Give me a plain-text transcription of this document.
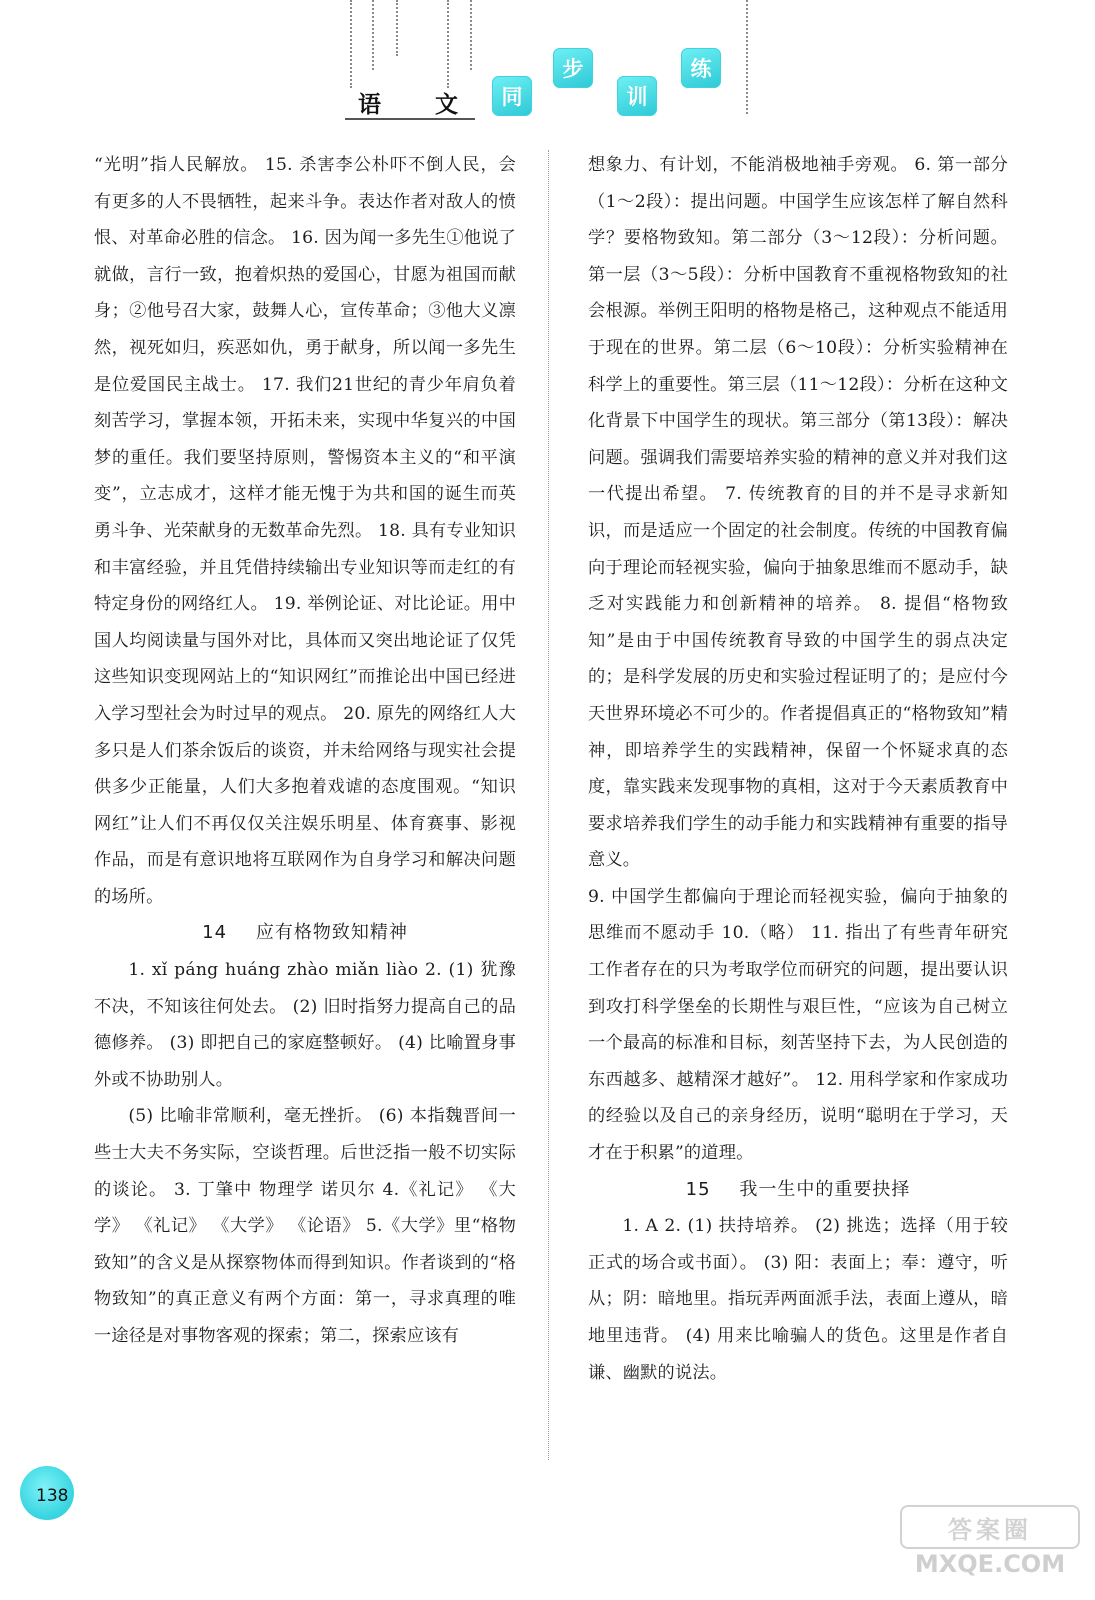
语 文	同
步
训
练

“光明”指人民解放。 15. 杀害李公朴吓不倒人民，会有更多的人不畏牺牲，起来斗争。表达作者对敌人的愤恨、对革命必胜的信念。 16. 因为闻一多先生①他说了就做，言行一致，抱着炽热的爱国心，甘愿为祖国而献身；②他号召大家，鼓舞人心，宣传革命；③他大义凛然，视死如归，疾恶如仇，勇于献身，所以闻一多先生是位爱国民主战士。 17. 我们21世纪的青少年肩负着刻苦学习，掌握本领，开拓未来，实现中华复兴的中国梦的重任。我们要坚持原则，警惕资本主义的“和平演变”，立志成才，这样才能无愧于为共和国的诞生而英勇斗争、光荣献身的无数革命先烈。 18. 具有专业知识和丰富经验，并且凭借持续输出专业知识等而走红的有特定身份的网络红人。 19. 举例论证、对比论证。用中国人均阅读量与国外对比，具体而又突出地论证了仅凭这些知识变现网站上的“知识网红”而推论出中国已经进入学习型社会为时过早的观点。 20. 原先的网络红人大多只是人们茶余饭后的谈资，并未给网络与现实社会提供多少正能量，人们大多抱着戏谑的态度围观。“知识网红”让人们不再仅仅关注娱乐明星、体育赛事、影视作品，而是有意识地将互联网作为自身学习和解决问题的场所。

14 应有格物致知精神

1. xǐ páng huáng zhào miǎn liào 2. (1) 犹豫不决，不知该往何处去。 (2) 旧时指努力提高自己的品德修养。 (3) 即把自己的家庭整顿好。 (4) 比喻置身事外或不协助别人。

(5) 比喻非常顺利，毫无挫折。 (6) 本指魏晋间一些士大夫不务实际，空谈哲理。后世泛指一般不切实际的谈论。 3. 丁肇中 物理学 诺贝尔 4.《礼记》 《大学》 《礼记》 《大学》 《论语》 5.《大学》里“格物致知”的含义是从探察物体而得到知识。作者谈到的“格物致知”的真正意义有两个方面：第一，寻求真理的唯一途径是对事物客观的探索；第二，探索应该有

想象力、有计划，不能消极地袖手旁观。 6. 第一部分（1～2段）：提出问题。中国学生应该怎样了解自然科学？要格物致知。第二部分（3～12段）：分析问题。第一层（3～5段）：分析中国教育不重视格物致知的社会根源。举例王阳明的格物是格己，这种观点不能适用于现在的世界。第二层（6～10段）：分析实验精神在科学上的重要性。第三层（11～12段）：分析在这种文化背景下中国学生的现状。第三部分（第13段）：解决问题。强调我们需要培养实验的精神的意义并对我们这一代提出希望。 7. 传统教育的目的并不是寻求新知识，而是适应一个固定的社会制度。传统的中国教育偏向于理论而轻视实验，偏向于抽象思维而不愿动手，缺乏对实践能力和创新精神的培养。 8. 提倡“格物致知”是由于中国传统教育导致的中国学生的弱点决定的；是科学发展的历史和实验过程证明了的；是应付今天世界环境必不可少的。作者提倡真正的“格物致知”精神，即培养学生的实践精神，保留一个怀疑求真的态度，靠实践来发现事物的真相，这对于今天素质教育中要求培养我们学生的动手能力和实践精神有重要的指导意义。

9. 中国学生都偏向于理论而轻视实验，偏向于抽象的思维而不愿动手 10.（略） 11. 指出了有些青年研究工作者存在的只为考取学位而研究的问题，提出要认识到攻打科学堡垒的长期性与艰巨性，“应该为自己树立一个最高的标准和目标，刻苦坚持下去，为人民创造的东西越多、越精深才越好”。 12. 用科学家和作家成功的经验以及自己的亲身经历，说明“聪明在于学习，天才在于积累”的道理。

15 我一生中的重要抉择

1. A 2. (1) 扶持培养。 (2) 挑选；选择（用于较正式的场合或书面）。 (3) 阳：表面上；奉：遵守，听从；阴：暗地里。指玩弄两面派手法，表面上遵从，暗地里违背。 (4) 用来比喻骗人的货色。这里是作者自谦、幽默的说法。

138
答案圈
MXQE.COM
